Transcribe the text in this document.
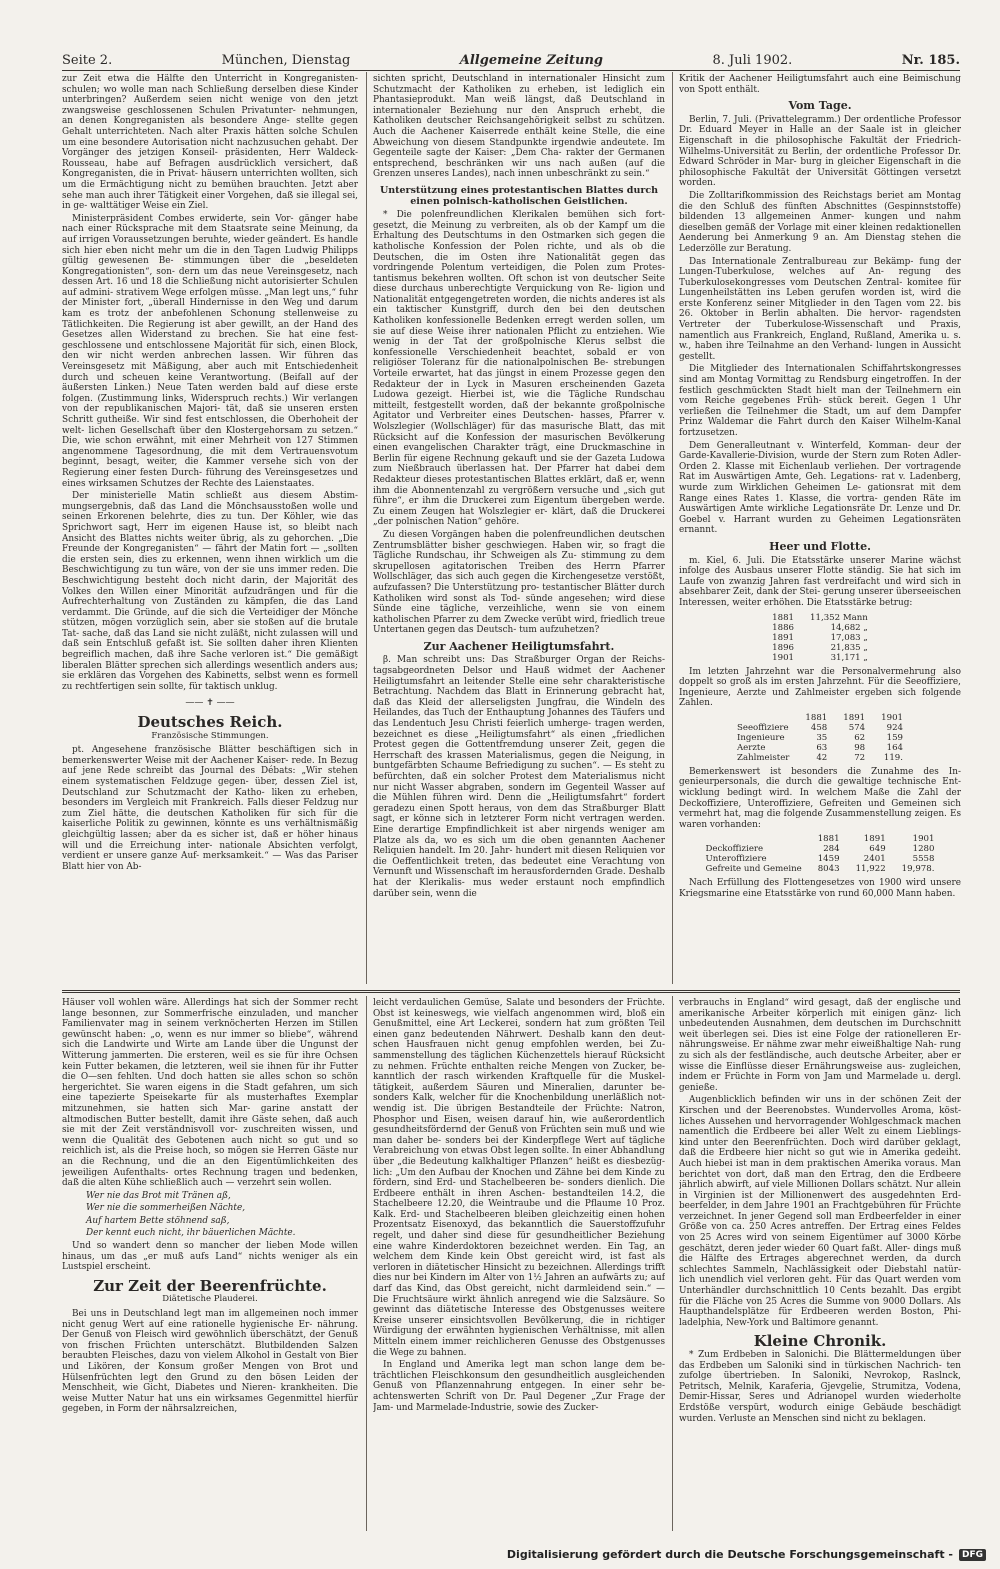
Seite 2.	München, Dienstag	Allgemeine Zeitung	8. Juli 1902.	Nr. 185.

zur Zeit etwa die Hälfte den Unterricht in Kongreganisten- schulen; wo wolle man nach Schließung derselben diese Kinder unterbringen? Außerdem seien nicht wenige von den jetzt zwangsweise geschlossenen Schulen Privatunter- nehmungen, an denen Kongreganisten als besondere Ange- stellte gegen Gehalt unterrichteten. Nach alter Praxis hätten solche Schulen um eine besondere Autorisation nicht nachzusuchen gehabt. Der Vorgänger des jetzigen Konseil- präsidenten, Herr Waldeck-Rousseau, habe auf Befragen ausdrücklich versichert, daß Kongreganisten, die in Privat- häusern unterrichten wollten, sich um die Ermächtigung nicht zu bemühen brauchten. Jetzt aber sehe man auch ihrer Tätigkeit einer Vorgehen, daß sie illegal sei, in ge- walttätiger Weise ein Ziel.

Ministerpräsident Combes erwiderte, sein Vor- gänger habe nach einer Rücksprache mit dem Staatsrate seine Meinung, da auf irrigen Voraussetzungen beruhte, wieder geändert. Es handle sich hier eben nicht mehr um die in den Tagen Ludwig Philipps gültig gewesenen Be- stimmungen über die „beseldeten Kongregationisten“, son- dern um das neue Vereinsgesetz, nach dessen Art. 16 und 18 die Schließung nicht autorisierter Schulen auf admini- strativem Wege erfolgen müsse. „Man legt uns,“ fuhr der Minister fort, „überall Hindernisse in den Weg und darum kam es trotz der anbefohlenen Schonung stellenweise zu Tätlichkeiten. Die Regierung ist aber gewillt, an der Hand des Gesetzes allen Widerstand zu brechen. Sie hat eine fest- geschlossene und entschlossene Majorität für sich, einen Block, den wir nicht werden anbrechen lassen. Wir führen das Vereinsgesetz mit Mäßigung, aber auch mit Entschiedenheit durch und scheuen keine Verantwortung. (Beifall auf der äußersten Linken.) Neue Taten werden bald auf diese erste folgen. (Zustimmung links, Widerspruch rechts.) Wir verlangen von der republikanischen Majori- tät, daß sie unseren ersten Schritt gutheiße. Wir sind fest entschlossen, die Oberhoheit der welt- lichen Gesellschaft über den Klostergehorsam zu setzen.“ Die, wie schon erwähnt, mit einer Mehrheit von 127 Stimmen angenommene Tagesordnung, die mit dem Vertrauensvotum beginnt, besagt, weiter, die Kammer versehe sich von der Regierung einer festen Durch- führung des Vereinsgesetzes und eines wirksamen Schutzes der Rechte des Laienstaates.

Der ministerielle Matin schließt aus diesem Abstim- mungsergebnis, daß das Land die Mönchsausstoßen wolle und seinen Erkorenen belehrte, dies zu tun. Der Köhler, wie das Sprichwort sagt, Herr im eigenen Hause ist, so bleibt nach Ansicht des Blattes nichts weiter übrig, als zu gehorchen. „Die Freunde der Kongreganisten“ — fährt der Matin fort — „sollten die ersten sein, dies zu erkennen, wenn ihnen wirklich um die Beschwichtigung zu tun wäre, von der sie uns immer reden. Die Beschwichtigung besteht doch nicht darin, der Majorität des Volkes den Willen einer Minorität aufzudrängen und für die Aufrechterhaltung von Zuständen zu kämpfen, die das Land verdammt. Die Gründe, auf die sich die Verteidiger der Mönche stützen, mögen vorzüglich sein, aber sie stoßen auf die brutale Tat- sache, daß das Land sie nicht zuläßt, nicht zulassen will und daß sein Entschluß gefaßt ist. Sie sollten daher ihren Klienten begreiflich machen, daß ihre Sache verloren ist.“ Die gemäßigt liberalen Blätter sprechen sich allerdings wesentlich anders aus; sie erklären das Vorgehen des Kabinetts, selbst wenn es formell zu rechtfertigen sein sollte, für taktisch unklug.

—— ✝ ——

Deutsches Reich.

Französische Stimmungen.

pt. Angesehene französische Blätter beschäftigen sich in bemerkenswerter Weise mit der Aachener Kaiser- rede. In Bezug auf jene Rede schreibt das Journal des Débats: „Wir stehen einem systematischen Feldzuge gegen- über, dessen Ziel ist, Deutschland zur Schutzmacht der Katho- liken zu erheben, besonders im Vergleich mit Frankreich. Falls dieser Feldzug nur zum Ziel hätte, die deutschen Katholiken für sich für die kaiserliche Politik zu gewinnen, könnte es uns verhältnismäßig gleichgültig lassen; aber da es sicher ist, daß er höher hinaus will und die Erreichung inter- nationale Absichten verfolgt, verdient er unsere ganze Auf- merksamkeit.“ — Was das Pariser Blatt hier von Ab-

sichten spricht, Deutschland in internationaler Hinsicht zum Schutzmacht der Katholiken zu erheben, ist lediglich ein Phantasieprodukt. Man weiß längst, daß Deutschland in internationaler Beziehung nur den Anspruch erhebt, die Katholiken deutscher Reichsangehörigkeit selbst zu schützen. Auch die Aachener Kaiserrede enthält keine Stelle, die eine Abweichung von diesem Standpunkte irgendwie andeutete. Im Gegenteile sagte der Kaiser: „Dem Cha- rakter der Germanen entsprechend, beschränken wir uns nach außen (auf die Grenzen unseres Landes), nach innen unbeschränkt zu sein.“

Unterstützung eines protestantischen Blattes durch einen polnisch-katholischen Geistlichen.

* Die polenfreundlichen Klerikalen bemühen sich fort- gesetzt, die Meinung zu verbreiten, als ob der Kampf um die Erhaltung des Deutschtums in den Ostmarken sich gegen die katholische Konfession der Polen richte, und als ob die Deutschen, die im Osten ihre Nationalität gegen das vordringende Polentum verteidigen, die Polen zum Protes- tantismus bekehren wollten. Oft schon ist von deutscher Seite diese durchaus unberechtigte Verquickung von Re- ligion und Nationalität entgegengetreten worden, die nichts anderes ist als ein taktischer Kunstgriff, durch den bei den deutschen Katholiken konfessionelle Bedenken erregt werden sollen, um sie auf diese Weise ihrer nationalen Pflicht zu entziehen. Wie wenig in der Tat der großpolnische Klerus selbst die konfessionelle Verschiedenheit beachtet, sobald er von religiöser Toleranz für die nationalpolnischen Be- strebungen Vorteile erwartet, hat das jüngst in einem Prozesse gegen den Redakteur der in Lyck in Masuren erscheinenden Gazeta Ludowa gezeigt. Hierbei ist, wie die Tägliche Rundschau mitteilt, festgestellt worden, daß der bekannte großpolnische Agitator und Verbreiter eines Deutschen- hasses, Pfarrer v. Wolszlegier (Wollschläger) für das masurische Blatt, das mit Rücksicht auf die Konfession der masurischen Bevölkerung einen evangelischen Charakter trägt, eine Druckmaschine in Berlin für eigene Rechnung gekauft und sie der Gazeta Ludowa zum Nießbrauch überlassen hat. Der Pfarrer hat dabei dem Redakteur dieses protestantischen Blattes erklärt, daß er, wenn ihm die Abonnentenzahl zu vergrößern versuche und „sich gut führe“, er ihm die Druckerei zum Eigentum übergeben werde. Zu einem Zeugen hat Wolszlegier er- klärt, daß die Druckerei „der polnischen Nation“ gehöre.

Zu diesen Vorgängen haben die polenfreundlichen deutschen Zentrumsblätter bisher geschwiegen. Haben wir, so fragt die Tägliche Rundschau, ihr Schweigen als Zu- stimmung zu dem skrupellosen agitatorischen Treiben des Herrn Pfarrer Wollschläger, das sich auch gegen die Kirchengesetze verstößt, aufzufassen? Die Unterstützung pro- testantischer Blätter durch Katholiken wird sonst als Tod- sünde angesehen; wird diese Sünde eine tägliche, verzeihliche, wenn sie von einem katholischen Pfarrer zu dem Zwecke verübt wird, friedlich treue Untertanen gegen das Deutsch- tum aufzuhetzen?

Zur Aachener Heiligtumsfahrt.

β. Man schreibt uns: Das Straßburger Organ der Reichs- tagsabgeordneten Delsor und Hauß widmet der Aachener Heiligtumsfahrt an leitender Stelle eine sehr charakteristische Betrachtung. Nachdem das Blatt in Erinnerung gebracht hat, daß das Kleid der allerseligsten Jungfrau, die Windeln des Heilandes, das Tuch der Enthauptung Johannes des Täufers und das Lendentuch Jesu Christi feierlich umherge- tragen werden, bezeichnet es diese „Heiligtumsfahrt“ als einen „friedlichen Protest gegen die Gottentfremdung unserer Zeit, gegen die Herrschaft des krassen Materialismus, gegen die Neigung, in buntgefärbten Schaume Befriedigung zu suchen“. — Es steht zu befürchten, daß ein solcher Protest dem Materialismus nicht nur nicht Wasser abgraben, sondern im Gegenteil Wasser auf die Mühlen führen wird. Denn die „Heiligtumsfahrt“ fordert geradezu einen Spott heraus, von dem das Straßburger Blatt sagt, er könne sich in letzterer Form nicht vertragen werden. Eine derartige Empfindlichkeit ist aber nirgends weniger am Platze als da, wo es sich um die oben genannten Aachener Reliquien handelt. Im 20. Jahr- hundert mit diesen Reliquien vor die Oeffentlichkeit treten, das bedeutet eine Verachtung von Vernunft und Wissenschaft im herausfordernden Grade. Deshalb hat der Klerikalis- mus weder erstaunt noch empfindlich darüber sein, wenn die

Kritik der Aachener Heiligtumsfahrt auch eine Beimischung von Spott enthält.

Vom Tage.

Berlin, 7. Juli. (Privattelegramm.) Der ordentliche Professor Dr. Eduard Meyer in Halle an der Saale ist in gleicher Eigenschaft in die philosophische Fakultät der Friedrich-Wilhelms-Universität zu Berlin, der ordentliche Professor Dr. Edward Schröder in Mar- burg in gleicher Eigenschaft in die philosophische Fakultät der Universität Göttingen versetzt worden.

Die Zolltarifkommission des Reichstags beriet am Montag die den Schluß des fünften Abschnittes (Gespinnststoffe) bildenden 13 allgemeinen Anmer- kungen und nahm dieselben gemäß der Vorlage mit einer kleinen redaktionellen Aenderung bei Anmerkung 9 an. Am Dienstag stehen die Lederzölle zur Beratung.

Das Internationale Zentralbureau zur Bekämp- fung der Lungen-Tuberkulose, welches auf An- regung des Tuberkulosekongresses vom Deutschen Zentral- komitee für Lungenheilstätten ins Leben gerufen worden ist, wird die erste Konferenz seiner Mitglieder in den Tagen vom 22. bis 26. Oktober in Berlin abhalten. Die hervor- ragendsten Vertreter der Tuberkulose-Wissenschaft und Praxis, namentlich aus Frankreich, England, Rußland, Amerika u. s. w., haben ihre Teilnahme an den Verhand- lungen in Aussicht gestellt.

Die Mitglieder des Internationalen Schiffahrtskongresses sind am Montag Vormittag zu Rendsburg eingetroffen. In der festlich geschmückten Stadt hielt man der Teilnehmern ein vom Reiche gegebenes Früh- stück bereit. Gegen 1 Uhr verließen die Teilnehmer die Stadt, um auf dem Dampfer Prinz Waldemar die Fahrt durch den Kaiser Wilhelm-Kanal fortzusetzen.

Dem Generalleutnant v. Winterfeld, Komman- deur der Garde-Kavallerie-Division, wurde der Stern zum Roten Adler-Orden 2. Klasse mit Eichenlaub verliehen. Der vortragende Rat im Auswärtigen Amte, Geh. Legations- rat v. Ladenberg, wurde zum Wirklichen Geheimen Le- gationsrat mit dem Range eines Rates 1. Klasse, die vortra- genden Räte im Auswärtigen Amte wirkliche Legationsräte Dr. Lenze und Dr. Goebel v. Harrant wurden zu Geheimen Legationsräten ernannt.

Heer und Flotte.

m. Kiel, 6. Juli. Die Etatsstärke unserer Marine wächst infolge des Ausbaus unserer Flotte ständig. Sie hat sich im Laufe von zwanzig Jahren fast verdreifacht und wird sich in absehbarer Zeit, dank der Stei- gerung unserer überseeischen Interessen, weiter erhöhen. Die Etatsstärke betrug:

1881	11,352 Mann
1886	14,682 „
1891	17,083 „
1896	21,835 „
1901	31,171 „

Im letzten Jahrzehnt war die Personalvermehrung also doppelt so groß als im ersten Jahrzehnt. Für die Seeoffiziere, Ingenieure, Aerzte und Zahlmeister ergeben sich folgende Zahlen.

	1881	1891	1901
Seeoffiziere	458	574	924
Ingenieure	35	62	159
Aerzte	63	98	164
Zahlmeister	42	72	119.

Bemerkenswert ist besonders die Zunahme des In- genieurpersonals, die durch die gewaltige technische Ent- wicklung bedingt wird. In welchem Maße die Zahl der Deckoffiziere, Unteroffiziere, Gefreiten und Gemeinen sich vermehrt hat, mag die folgende Zusammenstellung zeigen. Es waren vorhanden:

	1881	1891	1901
Deckoffiziere	284	649	1280
Unteroffiziere	1459	2401	5558
Gefreite und Gemeine	8043	11,922	19,978.

Nach Erfüllung des Flottengesetzes von 1900 wird unsere Kriegsmarine eine Etatsstärke von rund 60,000 Mann haben.

Häuser voll wohlen wäre. Allerdings hat sich der Sommer recht lange besonnen, zur Sommerfrische einzuladen, und mancher Familienvater mag in seinem verknöcherten Herzen im Stillen gewünscht haben: „o, wenn es nur immer so bliebe“, während sich die Landwirte und Wirte am Lande über die Ungunst der Witterung jammerten. Die ersteren, weil es sie für ihre Ochsen kein Futter bekamen, die letzteren, weil sie ihnen für ihr Futter die O—sen fehlten. Und doch hatten sie alles schon so schön hergerichtet. Sie waren eigens in die Stadt gefahren, um sich eine tapezierte Speisekarte für als musterhaftes Exemplar mitzunehmen, sie hatten sich Mar- garine anstatt der altmodischen Butter bestellt, damit ihre Gäste sehen, daß auch sie mit der Zeit verständnisvoll vor- zuschreiten wissen, und wenn die Qualität des Gebotenen auch nicht so gut und so reichlich ist, als die Preise hoch, so mögen sie Herren Gäste nur an die Rechnung, und die an den Eigentümlichkeiten des jeweiligen Aufenthalts- ortes Rechnung tragen und bedenken, daß die alten Kühe schließlich auch — verzehrt sein wollen.

Wer nie das Brot mit Tränen aß,

Wer nie die sommerheißen Nächte,

Auf hartem Bette stöhnend saß,

Der kennt euch nicht, ihr bäuerlichen Mächte.

Und so wandert denn so mancher der lieben Mode willen hinaus, um das „er muß aufs Land“ nichts weniger als ein Lustspiel erscheint.

Zur Zeit der Beerenfrüchte.

Diätetische Plauderei.

Bei uns in Deutschland legt man im allgemeinen noch immer nicht genug Wert auf eine rationelle hygienische Er- nährung. Der Genuß von Fleisch wird gewöhnlich überschätzt, der Genuß von frischen Früchten unterschätzt. Blutbildenden Salzen beraubten Fleisches, dazu von vielem Alkohol in Gestalt von Bier und Likören, der Konsum großer Mengen von Brot und Hülsenfrüchten legt den Grund zu den bösen Leiden der Menschheit, wie Gicht, Diabetes und Nieren- krankheiten. Die weise Mutter Natur hat uns ein wirksames Gegenmittel hierfür gegeben, in Form der nährsalzreichen,

leicht verdaulichen Gemüse, Salate und besonders der Früchte. Obst ist keineswegs, wie vielfach angenommen wird, bloß ein Genußmittel, eine Art Leckerei, sondern hat zum größten Teil einen ganz bedeutenden Nährwert. Deshalb kann den deut- schen Hausfrauen nicht genug empfohlen werden, bei Zu- sammenstellung des täglichen Küchenzettels hierauf Rücksicht zu nehmen. Früchte enthalten reiche Mengen von Zucker, be- kanntlich der rasch wirkenden Kraftquelle für die Muskel- tätigkeit, außerdem Säuren und Mineralien, darunter be- sonders Kalk, welcher für die Knochenbildung unerläßlich not- wendig ist. Die übrigen Bestandteile der Früchte: Natron, Phosphor und Eisen, weisen darauf hin, wie außerordentlich gesundheitsfördernd der Genuß von Früchten sein muß und wie man daher be- sonders bei der Kinderpflege Wert auf tägliche Verabreichung von etwas Obst legen sollte. In einer Abhandlung über „die Bedeutung kalkhaltiger Pflanzen“ heißt es diesbezüg- lich: „Um den Aufbau der Knochen und Zähne bei dem Kinde zu fördern, sind Erd- und Stachelbeeren be- sonders dienlich. Die Erdbeere enthält in ihren Aschen- bestandteilen 14.2, die Stachelbeere 12.20, die Weintraube und die Pflaume 10 Proz. Kalk. Erd- und Stachelbeeren bleiben gleichzeitig einen hohen Prozentsatz Eisenoxyd, das bekanntlich die Sauerstoffzufuhr regelt, und daher sind diese für gesundheitlicher Beziehung eine wahre Kinderdoktoren bezeichnet werden. Ein Tag, an welchem dem Kinde kein Obst gereicht wird, ist fast als verloren in diätetischer Hinsicht zu bezeichnen. Allerdings trifft dies nur bei Kindern im Alter von 1½ Jahren an aufwärts zu; auf darf das Kind, das Obst gereicht, nicht darmleidend sein.“ — Die Fruchtsäure wirkt ähnlich anregend wie die Salzsäure. So gewinnt das diätetische Interesse des Obstgenusses weitere Kreise unserer einsichtsvollen Bevölkerung, die in richtiger Würdigung der erwähnten hygienischen Verhältnisse, mit allen Mitteln einem immer reichlicheren Genusse des Obstgenusses die Wege zu bahnen.

In England und Amerika legt man schon lange dem be- trächtlichen Fleischkonsum den gesundheitlich ausgleichenden Genuß von Pflanzennahrung entgegen. In einer sehr be- achtenswerten Schrift von Dr. Paul Degener „Zur Frage der Jam- und Marmelade-Industrie, sowie des Zucker-

verbrauchs in England“ wird gesagt, daß der englische und amerikanische Arbeiter körperlich mit einigen gänz- lich unbedeutenden Ausnahmen, dem deutschen im Durchschnitt weit überlegen sei. Dies ist eine Folge der rationelleren Er- nährungsweise. Er nähme zwar mehr eiweißhaltige Nah- rung zu sich als der festländische, auch deutsche Arbeiter, aber er wisse die Einflüsse dieser Ernährungsweise aus- zugleichen, indem er Früchte in Form von Jam und Marmelade u. dergl. genieße.

Augenblicklich befinden wir uns in der schönen Zeit der Kirschen und der Beerenobstes. Wundervolles Aroma, köst- liches Aussehen und hervorragender Wohlgeschmack machen namentlich die Erdbeere bei aller Welt zu einem Lieblings- kind unter den Beerenfrüchten. Doch wird darüber geklagt, daß die Erdbeere hier nicht so gut wie in Amerika gedeiht. Auch hiebei ist man in dem praktischen Amerika voraus. Man berichtet von dort, daß man den Ertrag, den die Erdbeere jährlich abwirft, auf viele Millionen Dollars schätzt. Nur allein in Virginien ist der Millionenwert des ausgedehnten Erd- beerfelder, in dem Jahre 1901 an Frachtgebühren für Früchte verzeichnet. In jener Gegend soll man Erdbeerfelder in einer Größe von ca. 250 Acres antreffen. Der Ertrag eines Feldes von 25 Acres wird von seinem Eigentümer auf 3000 Körbe geschätzt, deren jeder wieder 60 Quart faßt. Aller- dings muß die Hälfte des Ertrages abgerechnet werden, da durch schlechtes Sammeln, Nachlässigkeit oder Diebstahl natür- lich unendlich viel verloren geht. Für das Quart werden vom Unterhändler durchschnittlich 10 Cents bezahlt. Das ergibt für die Fläche von 25 Acres die Summe von 9000 Dollars. Als Haupthandelsplätze für Erdbeeren werden Boston, Phi- ladelphia, New-York und Baltimore genannt.

Kleine Chronik.

* Zum Erdbeben in Salonichi. Die Blättermeldungen über das Erdbeben um Saloniki sind in türkischen Nachrich- ten zufolge übertrieben. In Saloniki, Nevrokop, Raslnck, Petritsch, Melnik, Karaferia, Gjevgelie, Strumitza, Vodena, Demir-Hissar, Seres und Adrianopel wurden wiederholte Erdstöße verspürt, wodurch einige Gebäude beschädigt wurden. Verluste an Menschen sind nicht zu beklagen.

Digitalisierung gefördert durch die Deutsche Forschungsgemeinschaft -	DFG
